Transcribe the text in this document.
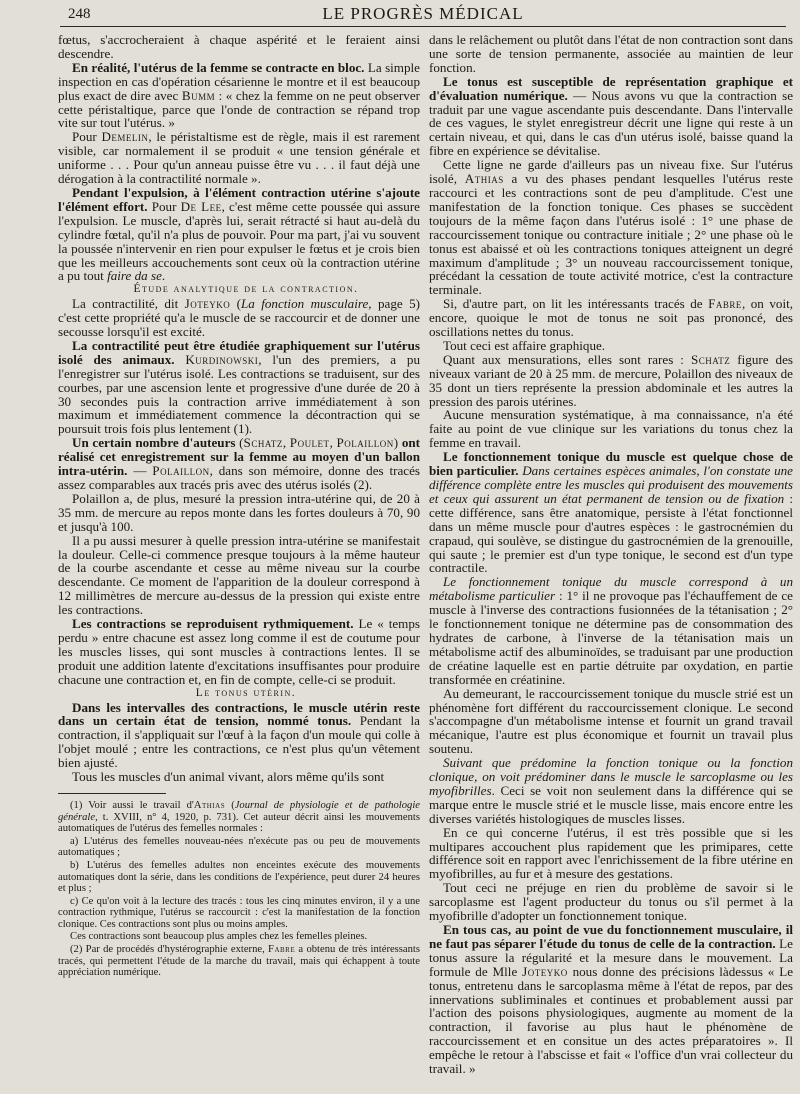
248	LE PROGRÈS MÉDICAL

fœtus, s'accrocheraient à chaque aspérité et le feraient ainsi descendre.

En réalité, l'utérus de la femme se contracte en bloc. La simple inspection en cas d'opération césarienne le montre et il est beaucoup plus exact de dire avec Bumm : « chez la femme on ne peut observer cette péristaltique, parce que l'onde de contraction se répand trop vite sur tout l'utérus. »

Pour Demelin, le péristaltisme est de règle, mais il est rarement visible, car normalement il se produit « une tension générale et uniforme . . . Pour qu'un anneau puisse être vu . . . il faut déjà une dérogation à la contractilité normale ».

Pendant l'expulsion, à l'élément contraction utérine s'ajoute l'élément effort. Pour De Lee, c'est même cette poussée qui assure l'expulsion. Le muscle, d'après lui, serait rétracté si haut au-delà du cylindre fœtal, qu'il n'a plus de pouvoir. Pour ma part, j'ai vu souvent la poussée n'intervenir en rien pour expulser le fœtus et je crois bien que les meilleurs accouchements sont ceux où la contraction utérine a pu tout faire da se.

Étude analytique de la contraction.

La contractilité, dit Joteyko (La fonction musculaire, page 5) c'est cette propriété qu'a le muscle de se raccourcir et de donner une secousse lorsqu'il est excité.

La contractilité peut être étudiée graphiquement sur l'utérus isolé des animaux. Kurdinowski, l'un des premiers, a pu l'enregistrer sur l'utérus isolé. Les contractions se traduisent, sur des courbes, par une ascension lente et progressive d'une durée de 20 à 30 secondes puis la contraction arrive immédiatement à son maximum et immédiatement commence la décontraction qui se poursuit trois fois plus lentement (1).

Un certain nombre d'auteurs (Schatz, Poulet, Polaillon) ont réalisé cet enregistrement sur la femme au moyen d'un ballon intra-utérin. — Polaillon, dans son mémoire, donne des tracés assez comparables aux tracés pris avec des utérus isolés (2).

Polaillon a, de plus, mesuré la pression intra-utérine qui, de 20 à 35 mm. de mercure au repos monte dans les fortes douleurs à 70, 90 et jusqu'à 100.

Il a pu aussi mesurer à quelle pression intra-utérine se manifestait la douleur. Celle-ci commence presque toujours à la même hauteur de la courbe ascendante et cesse au même niveau sur la courbe descendante. Ce moment de l'apparition de la douleur correspond à 12 millimètres de mercure au-dessus de la pression qui existe entre les contractions.

Les contractions se reproduisent rythmiquement. Le « temps perdu » entre chacune est assez long comme il est de coutume pour les muscles lisses, qui sont muscles à contractions lentes. Il se produit une addition latente d'excitations insuffisantes pour produire chacune une contraction et, en fin de compte, celle-ci se produit.

Le tonus utérin.

Dans les intervalles des contractions, le muscle utérin reste dans un certain état de tension, nommé tonus. Pendant la contraction, il s'appliquait sur l'œuf à la façon d'un moule qui colle à l'objet moulé ; entre les contractions, ce n'est plus qu'un vêtement bien ajusté.

Tous les muscles d'un animal vivant, alors même qu'ils sont

(1) Voir aussi le travail d'Athias (Journal de physiologie et de pathologie générale, t. XVIII, n° 4, 1920, p. 731). Cet auteur décrit ainsi les mouvements automatiques de l'utérus des femelles normales :

a) L'utérus des femelles nouveau-nées n'exécute pas ou peu de mouvements automatiques ;

b) L'utérus des femelles adultes non enceintes exécute des mouvements automatiques dont la série, dans les conditions de l'expérience, peut durer 24 heures et plus ;

c) Ce qu'on voit à la lecture des tracés : tous les cinq minutes environ, il y a une contraction rythmique, l'utérus se raccourcit : c'est la manifestation de la fonction clonique. Ces contractions sont plus ou moins amples.

Ces contractions sont beaucoup plus amples chez les femelles pleines.

(2) Par de procédés d'hystérographie externe, Fabre a obtenu de très intéressants tracés, qui permettent l'étude de la marche du travail, mais qui échappent à toute appréciation numérique.

dans le relâchement ou plutôt dans l'état de non contraction sont dans une sorte de tension permanente, associée au maintien de leur fonction.

Le tonus est susceptible de représentation graphique et d'évaluation numérique. — Nous avons vu que la contraction se traduit par une vague ascendante puis descendante. Dans l'intervalle de ces vagues, le stylet enregistreur décrit une ligne qui reste à un certain niveau, et qui, dans le cas d'un utérus isolé, baisse quand la fibre en expérience se dévitalise.

Cette ligne ne garde d'ailleurs pas un niveau fixe. Sur l'utérus isolé, Athias a vu des phases pendant lesquelles l'utérus reste raccourci et les contractions sont de peu d'amplitude. C'est une manifestation de la fonction tonique. Ces phases se succèdent toujours de la même façon dans l'utérus isolé : 1° une phase de raccourcissement tonique ou contracture initiale ; 2° une phase où le tonus est abaissé et où les contractions toniques atteignent un degré maximum d'amplitude ; 3° un nouveau raccourcissement tonique, précédant la cessation de toute activité motrice, c'est la contracture terminale.

Si, d'autre part, on lit les intéressants tracés de Fabre, on voit, encore, quoique le mot de tonus ne soit pas prononcé, des oscillations nettes du tonus.

Tout ceci est affaire graphique.

Quant aux mensurations, elles sont rares : Schatz figure des niveaux variant de 20 à 25 mm. de mercure, Polaillon des niveaux de 35 dont un tiers représente la pression abdominale et les autres la pression des parois utérines.

Aucune mensuration systématique, à ma connaissance, n'a été faite au point de vue clinique sur les variations du tonus chez la femme en travail.

Le fonctionnement tonique du muscle est quelque chose de bien particulier. Dans certaines espèces animales, l'on constate une différence complète entre les muscles qui produisent des mouvements et ceux qui assurent un état permanent de tension ou de fixation : cette différence, sans être anatomique, persiste à l'état fonctionnel dans un même muscle pour d'autres espèces : le gastrocnémien du crapaud, qui soulève, se distingue du gastrocnémien de la grenouille, qui saute ; le premier est d'un type tonique, le second est d'un type contractile.

Le fonctionnement tonique du muscle correspond à un métabolisme particulier : 1° il ne provoque pas l'échauffement de ce muscle à l'inverse des contractions fusionnées de la tétanisation ; 2° le fonctionnement tonique ne détermine pas de consommation des hydrates de carbone, à l'inverse de la tétanisation mais un métabolisme actif des albuminoïdes, se traduisant par une production de créatine laquelle est en partie détruite par oxydation, en partie transformée en créatinine.

Au demeurant, le raccourcissement tonique du muscle strié est un phénomène fort différent du raccourcissement clonique. Le second s'accompagne d'un métabolisme intense et fournit un grand travail mécanique, l'autre est plus économique et fournit un travail plus soutenu.

Suivant que prédomine la fonction tonique ou la fonction clonique, on voit prédominer dans le muscle le sarcoplasme ou les myofibrilles. Ceci se voit non seulement dans la différence qui se marque entre le muscle strié et le muscle lisse, mais encore entre les diverses variétés histologiques de muscles lisses.

En ce qui concerne l'utérus, il est très possible que si les multipares accouchent plus rapidement que les primipares, cette différence soit en rapport avec l'enrichissement de la fibre utérine en myofibrilles, au fur et à mesure des gestations.

Tout ceci ne préjuge en rien du problème de savoir si le sarcoplasme est l'agent producteur du tonus ou s'il permet à la myofibrille d'adopter un fonctionnement tonique.

En tous cas, au point de vue du fonctionnement musculaire, il ne faut pas séparer l'étude du tonus de celle de la contraction. Le tonus assure la régularité et la mesure dans le mouvement. La formule de Mlle Joteyko nous donne des précisions làdessus « Le tonus, entretenu dans le sarcoplasma même à l'état de repos, par des innervations subliminales et continues et probablement aussi par l'action des poisons physiologiques, augmente au moment de la contraction, il favorise au plus haut le phénomène de raccourcissement et en consitue un des actes préparatoires ». Il empêche le retour à l'abscisse et fait « l'office d'un vrai collecteur du travail. »
